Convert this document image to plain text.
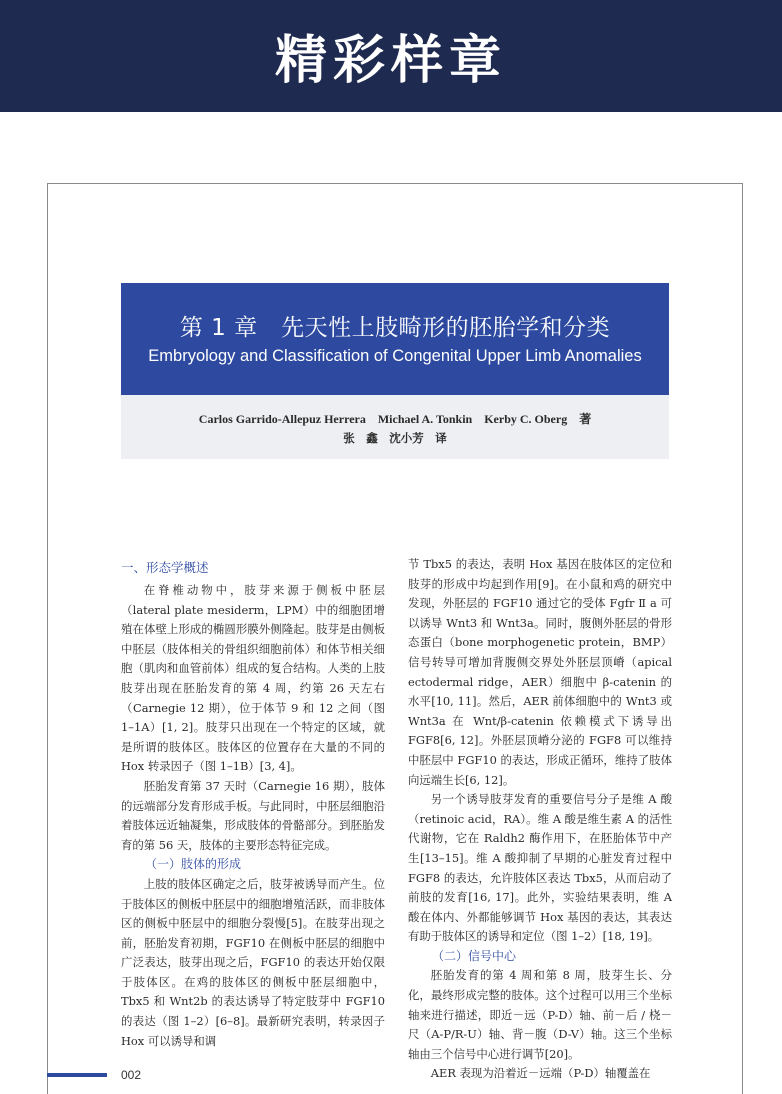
精彩样章
第 1 章　先天性上肢畸形的胚胎学和分类
Embryology and Classification of Congenital Upper Limb Anomalies
Carlos Garrido-Allepuz Herrera　Michael A. Tonkin　Kerby C. Oberg　著
张　鑫　沈小芳　译

一、形态学概述

在脊椎动物中，肢芽来源于侧板中胚层（lateral plate mesiderm，LPM）中的细胞团增殖在体壁上形成的椭圆形膜外侧隆起。肢芽是由侧板中胚层（肢体相关的骨组织细胞前体）和体节相关细胞（肌肉和血管前体）组成的复合结构。人类的上肢肢芽出现在胚胎发育的第 4 周，约第 26 天左右（Carnegie 12 期），位于体节 9 和 12 之间（图 1–1A）[1, 2]。肢芽只出现在一个特定的区域，就是所谓的肢体区。肢体区的位置存在大量的不同的 Hox 转录因子（图 1–1B）[3, 4]。

胚胎发育第 37 天时（Carnegie 16 期），肢体的远端部分发育形成手板。与此同时，中胚层细胞沿着肢体远近轴凝集，形成肢体的骨骼部分。到胚胎发育的第 56 天，肢体的主要形态特征完成。

（一）肢体的形成

上肢的肢体区确定之后，肢芽被诱导而产生。位于肢体区的侧板中胚层中的细胞增殖活跃，而非肢体区的侧板中胚层中的细胞分裂慢[5]。在肢芽出现之前，胚胎发育初期，FGF10 在侧板中胚层的细胞中广泛表达，肢芽出现之后，FGF10 的表达开始仅限于肢体区。在鸡的肢体区的侧板中胚层细胞中，Tbx5 和 Wnt2b 的表达诱导了特定肢芽中 FGF10 的表达（图 1–2）[6–8]。最新研究表明，转录因子 Hox 可以诱导和调

节 Tbx5 的表达，表明 Hox 基因在肢体区的定位和肢芽的形成中均起到作用[9]。在小鼠和鸡的研究中发现，外胚层的 FGF10 通过它的受体 Fgfr Ⅱ a 可以诱导 Wnt3 和 Wnt3a。同时，腹侧外胚层的骨形态蛋白（bone morphogenetic protein，BMP）信号转导可增加背腹侧交界处外胚层顶嵴（apical ectodermal ridge，AER）细胞中 β-catenin 的水平[10, 11]。然后，AER 前体细胞中的 Wnt3 或 Wnt3a 在 Wnt/β-catenin 依赖模式下诱导出 FGF8[6, 12]。外胚层顶嵴分泌的 FGF8 可以维持中胚层中 FGF10 的表达，形成正循环，维持了肢体向远端生长[6, 12]。

另一个诱导肢芽发育的重要信号分子是维 A 酸（retinoic acid，RA）。维 A 酸是维生素 A 的活性代谢物，它在 Raldh2 酶作用下，在胚胎体节中产生[13–15]。维 A 酸抑制了早期的心脏发育过程中 FGF8 的表达，允许肢体区表达 Tbx5，从而启动了前肢的发育[16, 17]。此外，实验结果表明，维 A 酸在体内、外都能够调节 Hox 基因的表达，其表达有助于肢体区的诱导和定位（图 1–2）[18, 19]。

（二）信号中心

胚胎发育的第 4 周和第 8 周，肢芽生长、分化，最终形成完整的肢体。这个过程可以用三个坐标轴来进行描述，即近－远（P-D）轴、前－后 / 桡－尺（A-P/R-U）轴、背－腹（D-V）轴。这三个坐标轴由三个信号中心进行调节[20]。

AER 表现为沿着近－远端（P-D）轴覆盖在

002
